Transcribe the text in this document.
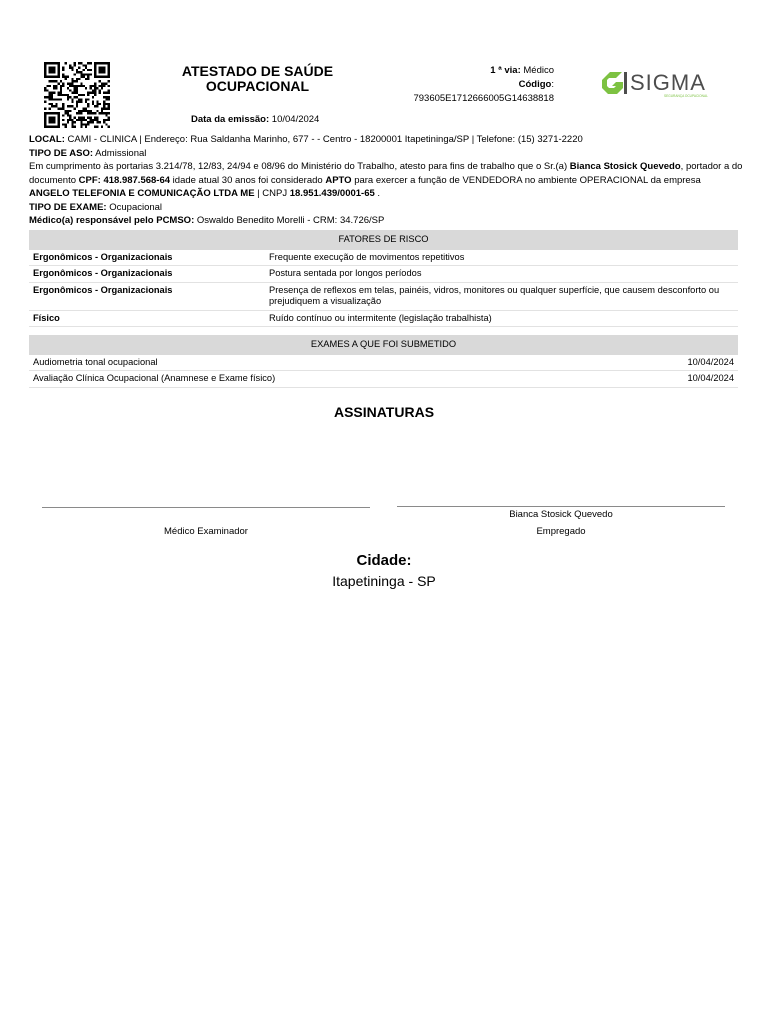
ATESTADO DE SAÚDE
OCUPACIONAL
Data da emissão: 10/04/2024
1 ª via: Médico
Código:
793605E1712666005G14638818
SIGMA
SEGURANÇA OCUPACIONAL

LOCAL: CAMI - CLINICA | Endereço: Rua Saldanha Marinho, 677 - - Centro - 18200001 Itapetininga/SP | Telefone: (15) 3271-2220

TIPO DE ASO: Admissional

Em cumprimento às portarias 3.214/78, 12/83, 24/94 e 08/96 do Ministério do Trabalho, atesto para fins de trabalho que o Sr.(a) Bianca Stosick Quevedo, portador a do documento CPF: 418.987.568-64 idade atual 30 anos foi considerado APTO para exercer a função de VENDEDORA no ambiente OPERACIONAL da empresa ANGELO TELEFONIA E COMUNICAÇÃO LTDA ME | CNPJ 18.951.439/0001-65 .

TIPO DE EXAME: Ocupacional

Médico(a) responsável pelo PCMSO: Oswaldo Benedito Morelli - CRM: 34.726/SP

FATORES DE RISCO	
Ergonômicos - Organizacionais	Frequente execução de movimentos repetitivos
Ergonômicos - Organizacionais	Postura sentada por longos períodos
Ergonômicos - Organizacionais	Presença de reflexos em telas, painéis, vidros, monitores ou qualquer superfície, que causem desconforto ou prejudiquem a visualização
Físico	Ruído contínuo ou intermitente (legislação trabalhista)
EXAMES A QUE FOI SUBMETIDO	
Audiometria tonal ocupacional	10/04/2024
Avaliação Clínica Ocupacional (Anamnese e Exame físico)	10/04/2024
ASSINATURAS
Bianca Stosick Quevedo
Médico Examinador	Empregado
Cidade:
Itapetininga - SP
